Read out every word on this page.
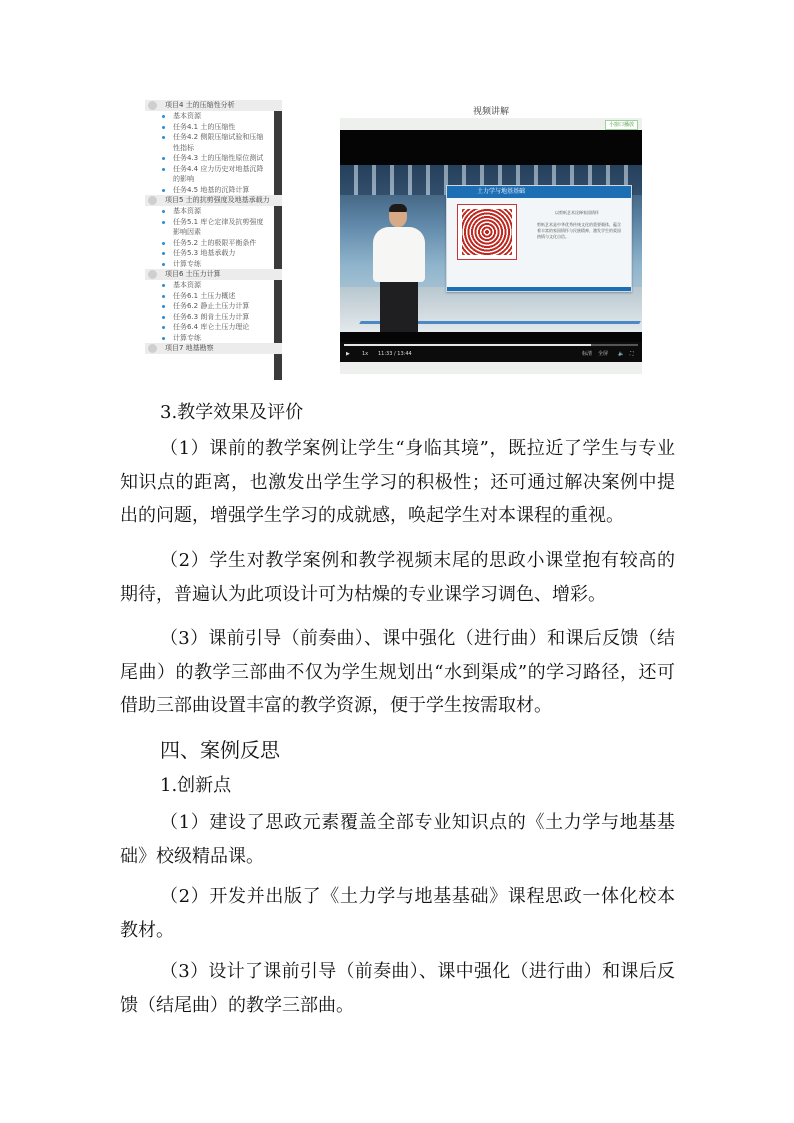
项目4 土的压缩性分析
基本资源
任务4.1 土的压缩性
任务4.2 侧限压缩试验和压缩性指标
任务4.3 土的压缩性原位测试
任务4.4 应力历史对地基沉降的影响
任务4.5 地基的沉降计算
项目5 土的抗剪强度及地基承载力
基本资源
任务5.1 库仑定律及抗剪强度影响因素
任务5.2 土的极限平衡条件
任务5.3 地基承载力
计算专练
项目6 土压力计算
基本资源
任务6.1 土压力概述
任务6.2 静止土压力计算
任务6.3 朗肯土压力计算
任务6.4 库仑土压力理论
计算专练
项目7 地基勘察
视频讲解
小窗口播放
土力学与地基基础
以剪纸艺术诠释家国情怀
剪纸艺术是中华优秀传统文化的重要载体，蕴含着丰富的家国情怀与民族精神，激发学生的爱国热情与文化自信。
▶ 1x 11:33 / 13:44	标清 全屏 🔈 ⛶

3.教学效果及评价

（1）课前的教学案例让学生“身临其境”，既拉近了学生与专业知识点的距离，也激发出学生学习的积极性；还可通过解决案例中提出的问题，增强学生学习的成就感，唤起学生对本课程的重视。

（2）学生对教学案例和教学视频末尾的思政小课堂抱有较高的期待，普遍认为此项设计可为枯燥的专业课学习调色、增彩。

（3）课前引导（前奏曲）、课中强化（进行曲）和课后反馈（结尾曲）的教学三部曲不仅为学生规划出“水到渠成”的学习路径，还可借助三部曲设置丰富的教学资源，便于学生按需取材。

四、案例反思

1.创新点

（1）建设了思政元素覆盖全部专业知识点的《土力学与地基基础》校级精品课。

（2）开发并出版了《土力学与地基基础》课程思政一体化校本教材。

（3）设计了课前引导（前奏曲）、课中强化（进行曲）和课后反馈（结尾曲）的教学三部曲。
